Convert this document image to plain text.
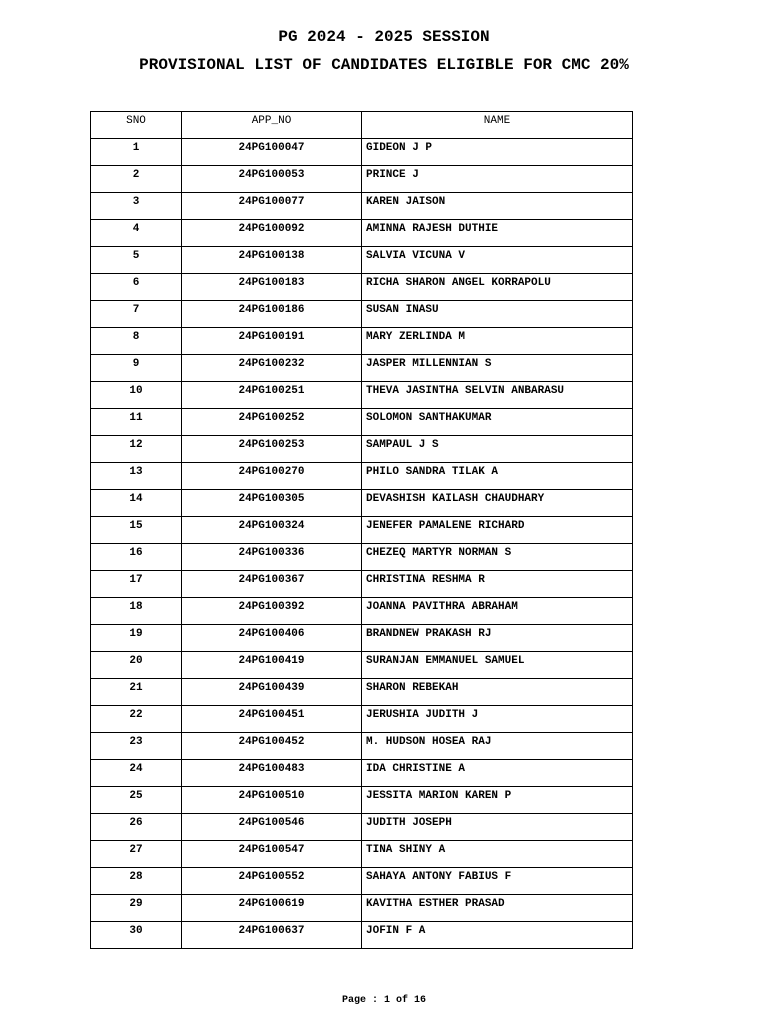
PG 2024 - 2025 SESSION
PROVISIONAL LIST OF CANDIDATES ELIGIBLE FOR CMC 20%
SNO	APP_NO	NAME
1	24PG100047	GIDEON J P
2	24PG100053	PRINCE J
3	24PG100077	KAREN JAISON
4	24PG100092	AMINNA RAJESH DUTHIE
5	24PG100138	SALVIA VICUNA V
6	24PG100183	RICHA SHARON ANGEL KORRAPOLU
7	24PG100186	SUSAN INASU
8	24PG100191	MARY ZERLINDA M
9	24PG100232	JASPER MILLENNIAN S
10	24PG100251	THEVA JASINTHA SELVIN ANBARASU
11	24PG100252	SOLOMON SANTHAKUMAR
12	24PG100253	SAMPAUL J S
13	24PG100270	PHILO SANDRA TILAK A
14	24PG100305	DEVASHISH KAILASH CHAUDHARY
15	24PG100324	JENEFER PAMALENE RICHARD
16	24PG100336	CHEZEQ MARTYR NORMAN S
17	24PG100367	CHRISTINA RESHMA R
18	24PG100392	JOANNA PAVITHRA ABRAHAM
19	24PG100406	BRANDNEW PRAKASH RJ
20	24PG100419	SURANJAN EMMANUEL SAMUEL
21	24PG100439	SHARON REBEKAH
22	24PG100451	JERUSHIA JUDITH J
23	24PG100452	M. HUDSON HOSEA RAJ
24	24PG100483	IDA CHRISTINE A
25	24PG100510	JESSITA MARION KAREN P
26	24PG100546	JUDITH JOSEPH
27	24PG100547	TINA SHINY A
28	24PG100552	SAHAYA ANTONY FABIUS F
29	24PG100619	KAVITHA ESTHER PRASAD
30	24PG100637	JOFIN F A
Page : 1 of 16
